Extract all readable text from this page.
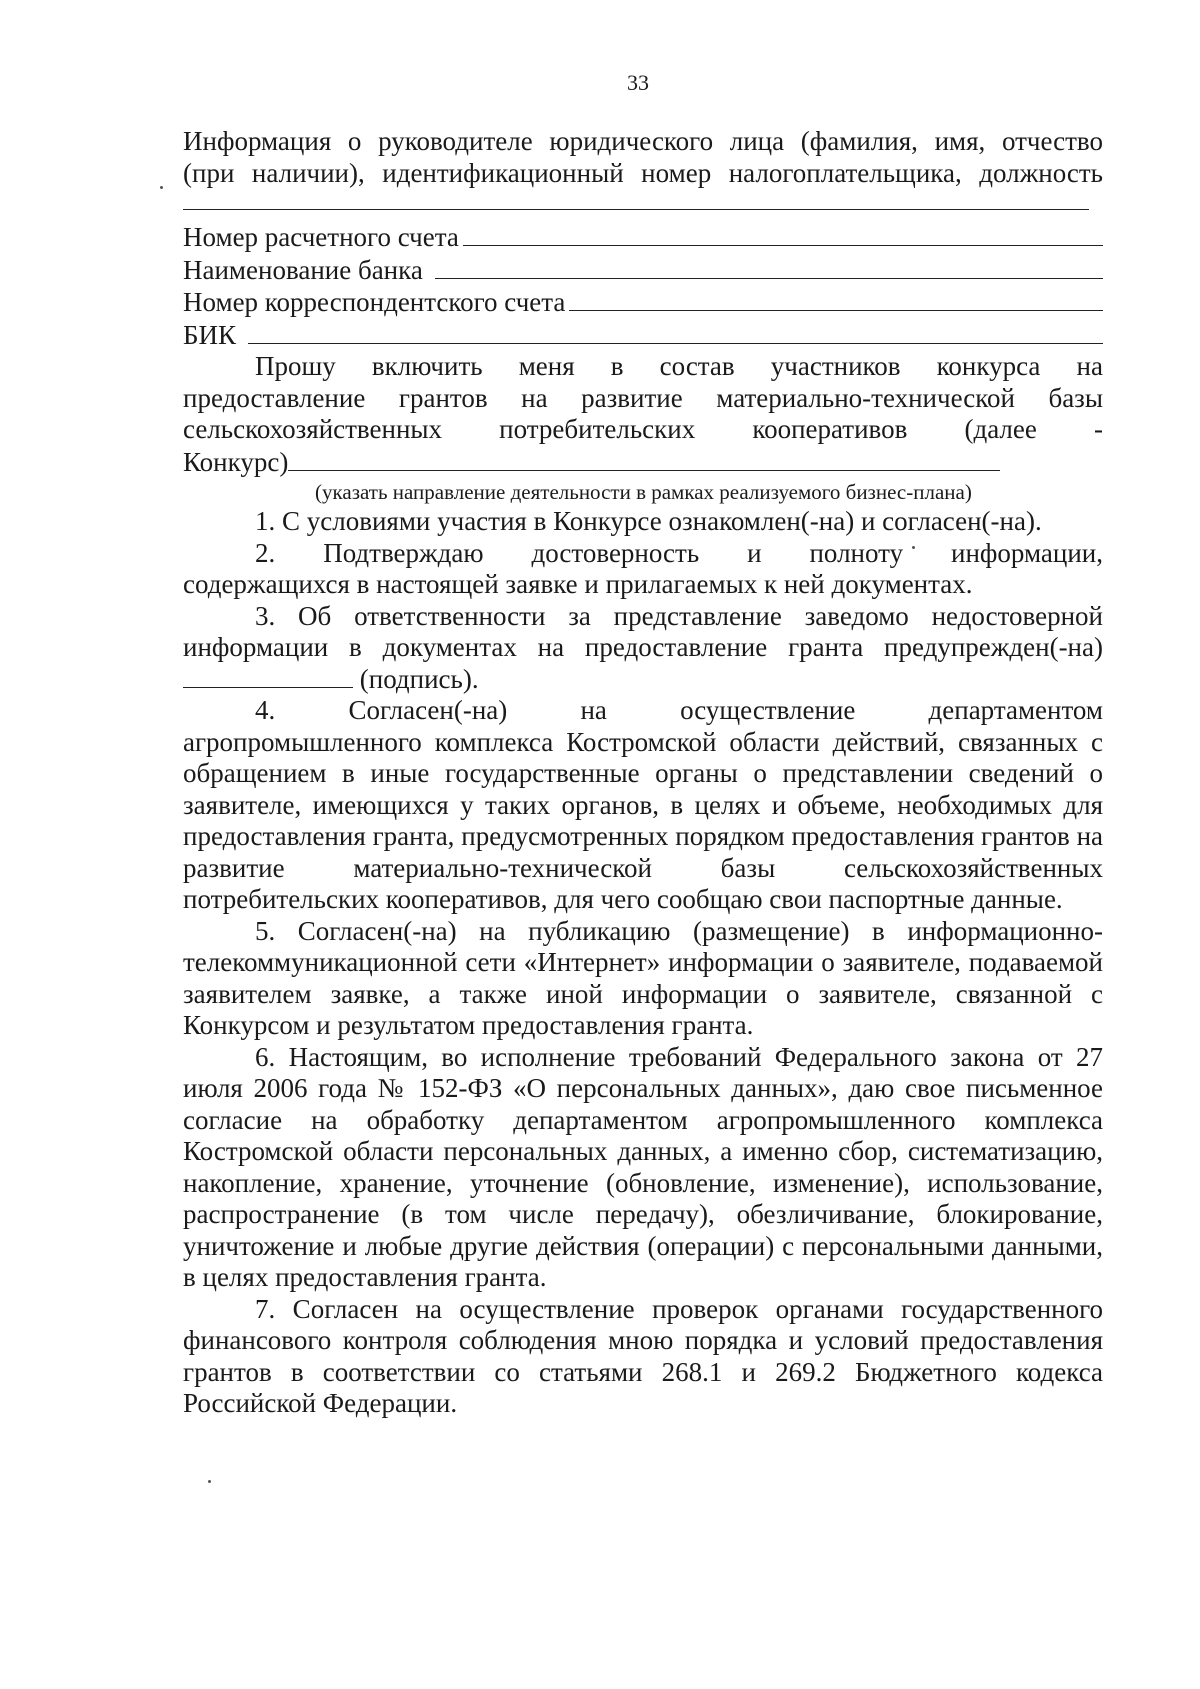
33
Информация о руководителе юридического лица (фамилия, имя, отчество
(при наличии), идентификационный номер налогоплательщика, должность
Номер расчетного счета
Наименование банка
Номер корреспондентского счета
БИК
Прошу включить меня в состав участников конкурса на
предоставление грантов на развитие материально-технической базы
сельскохозяйственных потребительских кооперативов (далее -
Конкурс)
(указать направление деятельности в рамках реализуемого бизнес-плана)
1. С условиями участия в Конкурсе ознакомлен(-на) и согласен(-на).
2. Подтверждаю достоверность и полноту информации,
содержащихся в настоящей заявке и прилагаемых к ней документах.
3. Об ответственности за представление заведомо недостоверной
информации в документах на предоставление гранта предупрежден(-на)
(подпись).
4.	Согласен(-на)	на	осуществление	департаментом
агропромышленного комплекса Костромской области действий, связанных с обращением в иные государственные органы о представлении сведений о заявителе, имеющихся у таких органов, в целях и объеме, необходимых для предоставления гранта, предусмотренных порядком предоставления грантов на развитие материально-технической базы сельскохозяйственных потребительских кооперативов, для чего сообщаю свои паспортные данные.
5. Согласен(-на) на публикацию (размещение) в информационно-телекоммуникационной сети «Интернет» информации о заявителе, подаваемой заявителем заявке, а также иной информации о заявителе, связанной с Конкурсом и результатом предоставления гранта.
6. Настоящим, во исполнение требований Федерального закона от 27 июля 2006 года № 152-ФЗ «О персональных данных», даю свое письменное согласие на обработку департаментом агропромышленного комплекса Костромской области персональных данных, а именно сбор, систематизацию, накопление, хранение, уточнение (обновление, изменение), использование, распространение (в том числе передачу), обезличивание, блокирование, уничтожение и любые другие действия (операции) с персональными данными, в целях предоставления гранта.
7. Согласен на осуществление проверок органами государственного финансового контроля соблюдения мною порядка и условий предоставления грантов в соответствии со статьями 268.1 и 269.2 Бюджетного кодекса Российской Федерации.
